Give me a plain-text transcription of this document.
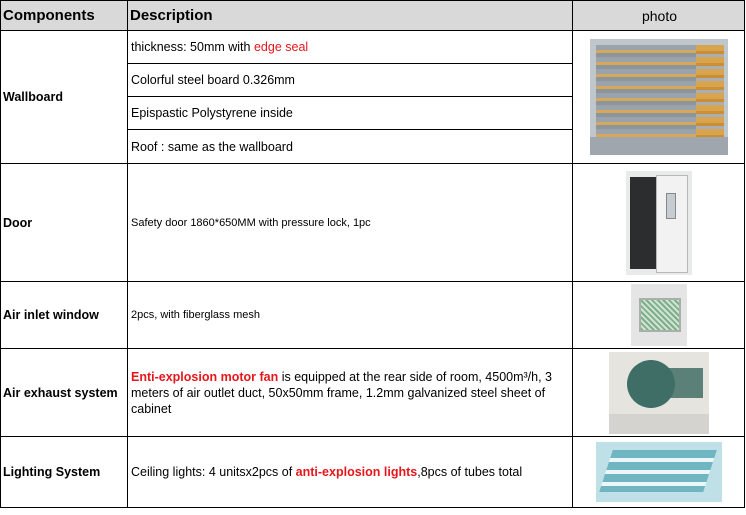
Components	Description	photo
Wallboard	thickness: 50mm with edge seal	

	Colorful steel board 0.326mm	
	Epispastic Polystyrene inside	
	Roof : same as the wallboard	
Door	Safety door 1860*650MM with pressure lock, 1pc	

Air inlet window	2pcs, with fiberglass mesh	

Air exhaust system	Enti-explosion motor fan is equipped at the rear side of room, 4500m³/h, 3 meters of air outlet duct, 50x50mm frame, 1.2mm galvanized steel sheet of cabinet	

Lighting System	Ceiling lights: 4 unitsx2pcs of anti-explosion lights,8pcs of tubes total	
